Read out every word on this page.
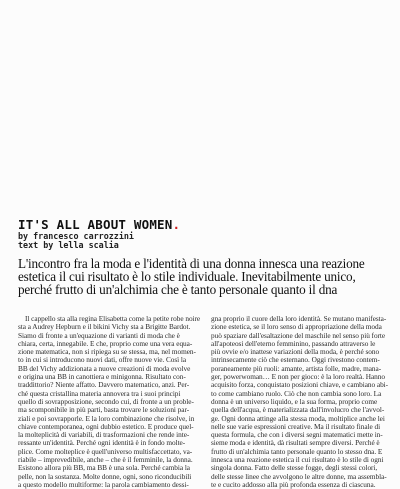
IT'S ALL ABOUT WOMEN.

by francesco carrozzini

text by lella scalia

L'incontro fra la moda e l'identità di una donna innesca una reazione
estetica il cui risultato è lo stile individuale. Inevitabilmente unico,
perché frutto di un'alchimia che è tanto personale quanto il dna
Il cappello sta alla regina Elisabetta come la petite robe noire
sta a Audrey Hepburn e il bikini Vichy sta a Brigitte Bardot.
Siamo di fronte a un'equazione di varianti di moda che è
chiara, certa, innegabile. E che, proprio come una vera equa-
zione matematica, non si ripiega su se stessa, ma, nel momen-
to in cui si introducono nuovi dati, offre nuove vie. Così la
BB del Vichy addizionata a nuove creazioni di moda evolve
e origina una BB in canottiera e minigonna. Risultato con-
traddittorio? Niente affatto. Davvero matematico, anzi. Per-
ché questa cristallina materia annovera tra i suoi principi
quello di sovrapposizione, secondo cui, di fronte a un proble-
ma scomponibile in più parti, basta trovare le soluzioni par-
ziali e poi sovrapporle. E la loro combinazione che risolve, in
chiave contemporanea, ogni dubbio estetico. E produce quel-
la molteplicità di variabili, di trasformazioni che rende inte-
ressante un'identità. Perché ogni identità è in fondo molte-
plice. Come molteplice è quell'universo multisfaccettato, va-
riabile – imprevedibile, anche – che è il femminile, la donna.
Esistono allora più BB, ma BB è una sola. Perché cambia la
pelle, non la sostanza. Molte donne, ogni, sono riconducibili
a questo modello multiforme: la parola cambiamento dessi-
gna proprio il cuore della loro identità. Se mutano manifesta-
zione estetica, se il loro senso di appropriazione della moda
può spaziare dall'esaltazione del maschile nel senso più forte
all'apoteosi dell'eterno femminino, passando attraverso le
più ovvie e/o inattese variazioni della moda, è perché sono
intrinsecamente ciò che esternano. Oggi rivestono contem-
poraneamente più ruoli: amante, artista folle, madre, mana-
ger, powerwoman… E non per gioco: è la loro realtà. Hanno
acquisito forza, conquistato posizioni chiave, e cambiano abi-
to come cambiano ruolo. Ciò che non cambia sono loro. La
donna è un universo liquido, e la sua forma, proprio come
quella dell'acqua, è materializzata dall'involucro che l'avvol-
ge. Ogni donna attinge alla stessa moda, moltiplice anche lei
nelle sue varie espressioni creative. Ma il risultato finale di
questa formula, che con i diversi segni matematici mette in-
sieme moda e identità, dà risultati sempre diversi. Perché è
frutto di un'alchimia tanto personale quanto lo stesso dna. E
innesca una reazione estetica il cui risultato è lo stile di ogni
singola donna. Fatto delle stesse fogge, degli stessi colori,
delle stesse linee che avvolgono le altre donne, ma assembla-
te e cucito addosso alla più profonda essenza di ciascuna.
